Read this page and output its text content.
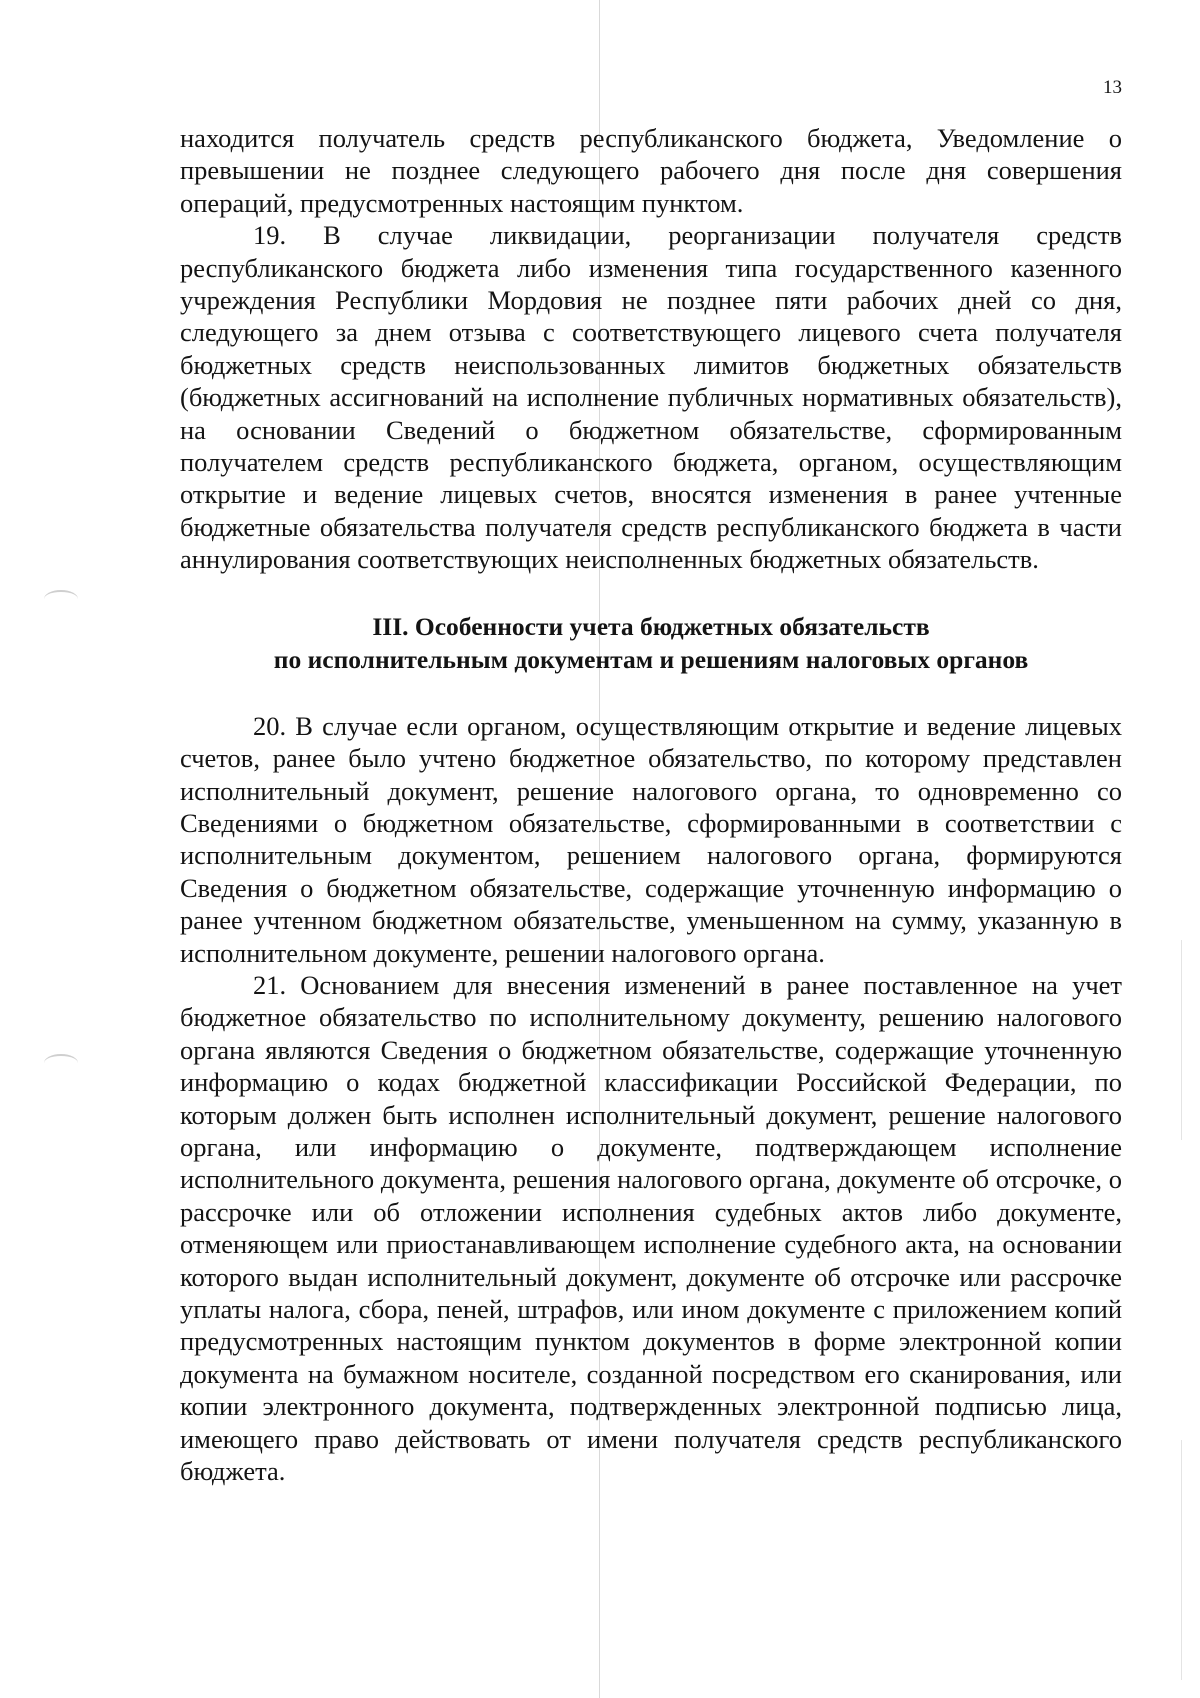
13

находится получатель средств республиканского бюджета, Уведомление о превышении не позднее следующего рабочего дня после дня совершения операций, предусмотренных настоящим пунктом.

19. В случае ликвидации, реорганизации получателя средств республиканского бюджета либо изменения типа государственного казенного учреждения Республики Мордовия не позднее пяти рабочих дней со дня, следующего за днем отзыва с соответствующего лицевого счета получателя бюджетных средств неиспользованных лимитов бюджетных обязательств (бюджетных ассигнований на исполнение публичных нормативных обязательств), на основании Сведений о бюджетном обязательстве, сформированным получателем средств республиканского бюджета, органом, осуществляющим открытие и ведение лицевых счетов, вносятся изменения в ранее учтенные бюджетные обязательства получателя средств республиканского бюджета в части аннулирования соответствующих неисполненных бюджетных обязательств.

III. Особенности учета бюджетных обязательств
по исполнительным документам и решениям налоговых органов

20. В случае если органом, осуществляющим открытие и ведение лицевых счетов, ранее было учтено бюджетное обязательство, по которому представлен исполнительный документ, решение налогового органа, то одновременно со Сведениями о бюджетном обязательстве, сформированными в соответствии с исполнительным документом, решением налогового органа, формируются Сведения о бюджетном обязательстве, содержащие уточненную информацию о ранее учтенном бюджетном обязательстве, уменьшенном на сумму, указанную в исполнительном документе, решении налогового органа.

21. Основанием для внесения изменений в ранее поставленное на учет бюджетное обязательство по исполнительному документу, решению налогового органа являются Сведения о бюджетном обязательстве, содержащие уточненную информацию о кодах бюджетной классификации Российской Федерации, по которым должен быть исполнен исполнительный документ, решение налогового органа, или информацию о документе, подтверждающем исполнение исполнительного документа, решения налогового органа, документе об отсрочке, о рассрочке или об отложении исполнения судебных актов либо документе, отменяющем или приостанавливающем исполнение судебного акта, на основании которого выдан исполнительный документ, документе об отсрочке или рассрочке уплаты налога, сбора, пеней, штрафов, или ином документе с приложением копий предусмотренных настоящим пунктом документов в форме электронной копии документа на бумажном носителе, созданной посредством его сканирования, или копии электронного документа, подтвержденных электронной подписью лица, имеющего право действовать от имени получателя средств республиканского бюджета.
